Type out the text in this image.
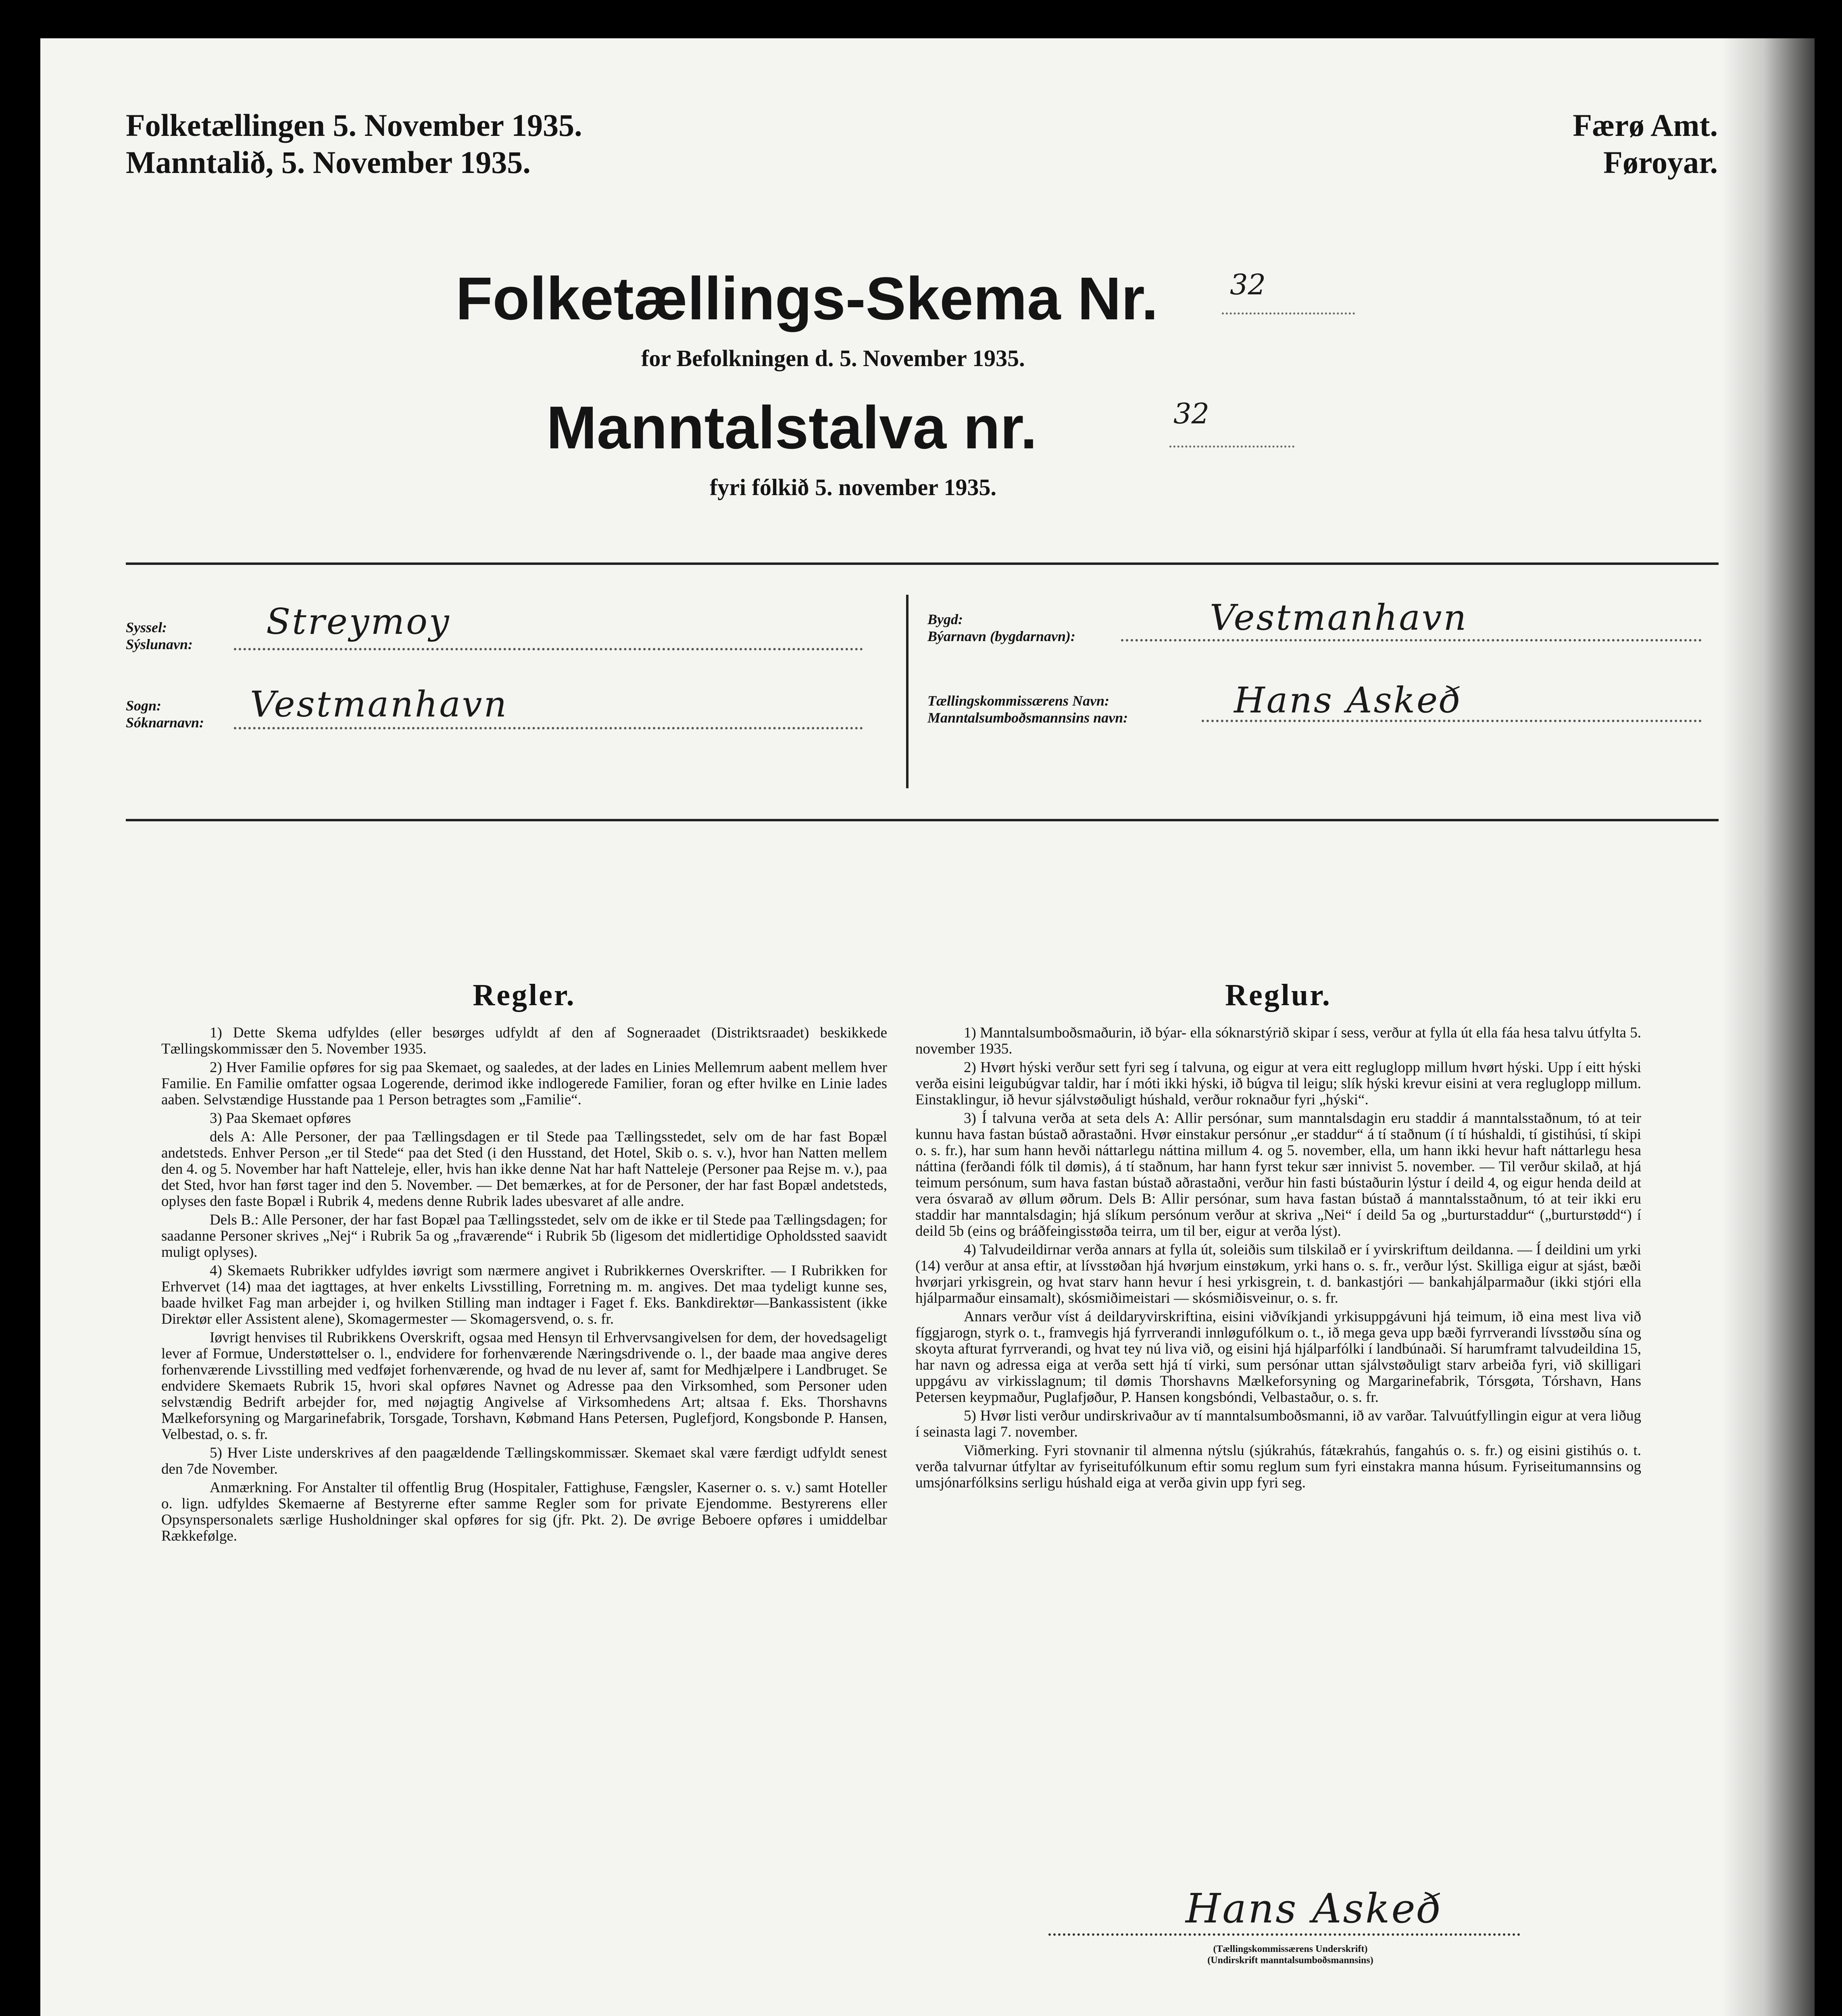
Folketællingen 5. November 1935.
Manntalið, 5. November 1935.
Færø Amt.
Føroyar.
Folketællings-Skema Nr.	32
for Befolkningen d. 5. November 1935.
Manntalstalva nr.	32
fyri fólkið 5. november 1935.
Syssel:
Sýslunavn:
Streymoy
Sogn:
Sóknarnavn: Vestmanhavn
Bygd:
Býarnavn (bygdarnavn):	Vestmanhavn
Tællingskommissærens Navn:
Manntalsumboðsmannsins navn:	Hans Askeð
Regler.

1) Dette Skema udfyldes (eller besørges udfyldt af den af Sogneraadet (Distriktsraadet) beskikkede Tællingskommissær den 5. November 1935.

2) Hver Familie opføres for sig paa Skemaet, og saaledes, at der lades en Linies Mellemrum aabent mellem hver Familie. En Familie omfatter ogsaa Logerende, derimod ikke indlogerede Familier, foran og efter hvilke en Linie lades aaben. Selvstændige Husstande paa 1 Person betragtes som „Familie“.

3) Paa Skemaet opføres

dels A: Alle Personer, der paa Tællingsdagen er til Stede paa Tællingsstedet, selv om de har fast Bopæl andetsteds. Enhver Person „er til Stede“ paa det Sted (i den Husstand, det Hotel, Skib o. s. v.), hvor han Natten mellem den 4. og 5. November har haft Natteleje, eller, hvis han ikke denne Nat har haft Natteleje (Personer paa Rejse m. v.), paa det Sted, hvor han først tager ind den 5. November. — Det bemærkes, at for de Personer, der har fast Bopæl andetsteds, oplyses den faste Bopæl i Rubrik 4, medens denne Rubrik lades ubesvaret af alle andre.

Dels B.: Alle Personer, der har fast Bopæl paa Tællingsstedet, selv om de ikke er til Stede paa Tællingsdagen; for saadanne Personer skrives „Nej“ i Rubrik 5a og „fraværende“ i Rubrik 5b (ligesom det midlertidige Opholdssted saavidt muligt oplyses).

4) Skemaets Rubrikker udfyldes iøvrigt som nærmere angivet i Rubrikkernes Overskrifter. — I Rubrikken for Erhvervet (14) maa det iagttages, at hver enkelts Livsstilling, Forretning m. m. angives. Det maa tydeligt kunne ses, baade hvilket Fag man arbejder i, og hvilken Stilling man indtager i Faget f. Eks. Bankdirektør—Bankassistent (ikke Direktør eller Assistent alene), Skomagermester — Skomagersvend, o. s. fr.

Iøvrigt henvises til Rubrikkens Overskrift, ogsaa med Hensyn til Erhvervsangivelsen for dem, der hovedsageligt lever af Formue, Understøttelser o. l., endvidere for forhenværende Næringsdrivende o. l., der baade maa angive deres forhenværende Livsstilling med vedføjet forhenværende, og hvad de nu lever af, samt for Medhjælpere i Landbruget. Se endvidere Skemaets Rubrik 15, hvori skal opføres Navnet og Adresse paa den Virksomhed, som Personer uden selvstændig Bedrift arbejder for, med nøjagtig Angivelse af Virksomhedens Art; altsaa f. Eks. Thorshavns Mælkeforsyning og Margarinefabrik, Torsgade, Torshavn, Købmand Hans Petersen, Puglefjord, Kongsbonde P. Hansen, Velbestad, o. s. fr.

5) Hver Liste underskrives af den paagældende Tællingskommissær. Skemaet skal være færdigt udfyldt senest den 7de November.

Anmærkning. For Anstalter til offentlig Brug (Hospitaler, Fattighuse, Fængsler, Kaserner o. s. v.) samt Hoteller o. lign. udfyldes Skemaerne af Bestyrerne efter samme Regler som for private Ejendomme. Bestyrerens eller Opsynspersonalets særlige Husholdninger skal opføres for sig (jfr. Pkt. 2). De øvrige Beboere opføres i umiddelbar Rækkefølge.

Reglur.

1) Manntalsumboðsmaðurin, ið býar- ella sóknarstýrið skipar í sess, verður at fylla út ella fáa hesa talvu útfylta 5. november 1935.

2) Hvørt hýski verður sett fyri seg í talvuna, og eigur at vera eitt regluglopp millum hvørt hýski. Upp í eitt hýski verða eisini leigubúgvar taldir, har í móti ikki hýski, ið búgva til leigu; slík hýski krevur eisini at vera regluglopp millum. Einstaklingur, ið hevur sjálvstøðuligt húshald, verður roknaður fyri „hýski“.

3) Í talvuna verða at seta dels A: Allir persónar, sum manntalsdagin eru staddir á manntalsstaðnum, tó at teir kunnu hava fastan bústað aðrastaðni. Hvør einstakur persónur „er staddur“ á tí staðnum (í tí húshaldi, tí gistihúsi, tí skipi o. s. fr.), har sum hann hevði náttarlegu náttina millum 4. og 5. november, ella, um hann ikki hevur haft náttarlegu hesa náttina (ferðandi fólk til dømis), á tí staðnum, har hann fyrst tekur sær innivist 5. november. — Til verður skilað, at hjá teimum persónum, sum hava fastan bústað aðrastaðni, verður hin fasti bústaðurin lýstur í deild 4, og eigur henda deild at vera ósvarað av øllum øðrum. Dels B: Allir persónar, sum hava fastan bústað á manntalsstaðnum, tó at teir ikki eru staddir har manntalsdagin; hjá slíkum persónum verður at skriva „Nei“ í deild 5a og „burturstaddur“ („burturstødd“) í deild 5b (eins og bráðfeingisstøða teirra, um til ber, eigur at verða lýst).

4) Talvudeildirnar verða annars at fylla út, soleiðis sum tilskilað er í yvirskriftum deildanna. — Í deildini um yrki (14) verður at ansa eftir, at lívsstøðan hjá hvørjum einstøkum, yrki hans o. s. fr., verður lýst. Skilliga eigur at sjást, bæði hvørjari yrkisgrein, og hvat starv hann hevur í hesi yrkisgrein, t. d. bankastjóri — bankahjálparmaður (ikki stjóri ella hjálparmaður einsamalt), skósmiðimeistari — skósmiðisveinur, o. s. fr.

Annars verður víst á deildaryvirskriftina, eisini viðvíkjandi yrkisuppgávuni hjá teimum, ið eina mest liva við fíggjarogn, styrk o. t., framvegis hjá fyrrverandi innløgufólkum o. t., ið mega geva upp bæði fyrrverandi lívsstøðu sína og skoyta afturat fyrrverandi, og hvat tey nú liva við, og eisini hjá hjálparfólki í landbúnaði. Sí harumframt talvudeildina 15, har navn og adressa eiga at verða sett hjá tí virki, sum persónar uttan sjálvstøðuligt starv arbeiða fyri, við skilligari uppgávu av virkisslagnum; til dømis Thorshavns Mælkeforsyning og Margarinefabrik, Tórsgøta, Tórshavn, Hans Petersen keypmaður, Puglafjøður, P. Hansen kongsbóndi, Velbastaður, o. s. fr.

5) Hvør listi verður undirskrivaður av tí manntalsumboðsmanni, ið av varðar. Talvuútfyllingin eigur at vera liðug í seinasta lagi 7. november.

Viðmerking. Fyri stovnanir til almenna nýtslu (sjúkrahús, fátækrahús, fangahús o. s. fr.) og eisini gistihús o. t. verða talvurnar útfyltar av fyriseitufólkunum eftir somu reglum sum fyri einstakra manna húsum. Fyriseitumannsins og umsjónarfólksins serligu húshald eiga at verða givin upp fyri seg.

Hans Askeð
(Tællingskommissærens Underskrift)
(Undirskrift manntalsumboðsmannsins)
